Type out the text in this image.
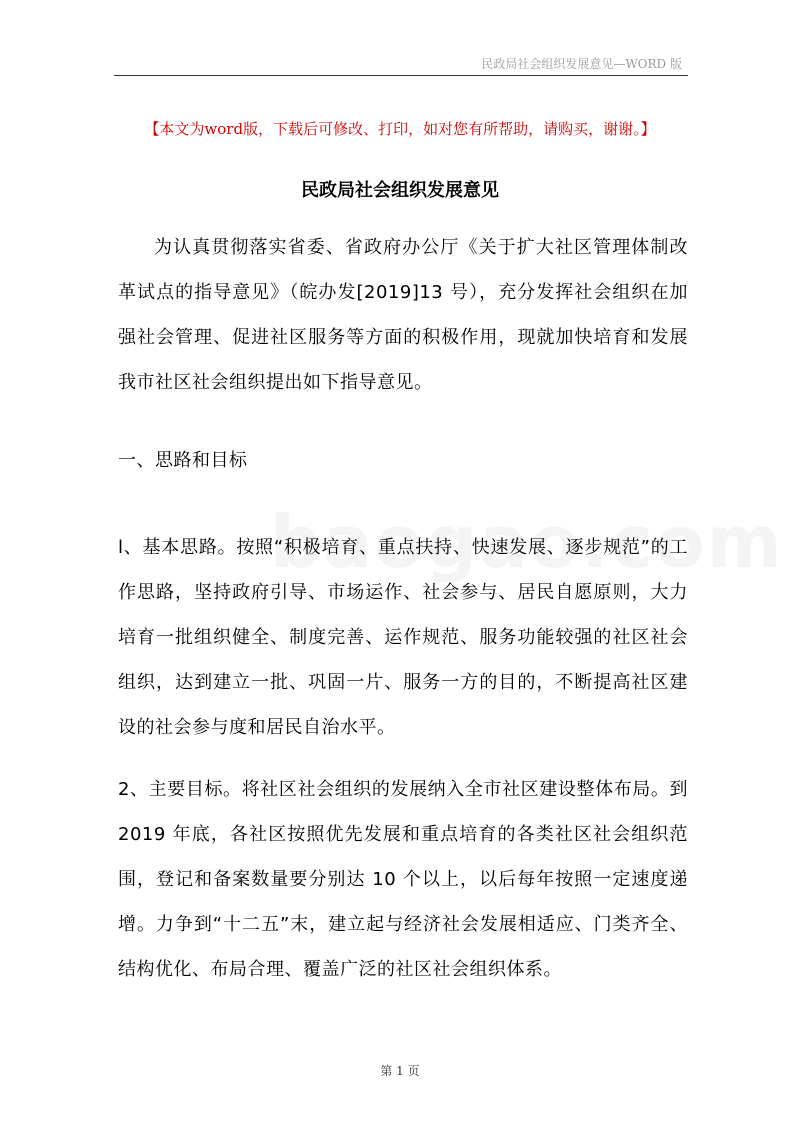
民政局社会组织发展意见—WORD 版
【本文为word版，下载后可修改、打印，如对您有所帮助，请购买，谢谢。】
民政局社会组织发展意见
为认真贯彻落实省委、省政府办公厅《关于扩大社区管理体制改革试点的指导意见》（皖办发[2019]13 号），充分发挥社会组织在加强社会管理、促进社区服务等方面的积极作用，现就加快培育和发展我市社区社会组织提出如下指导意见。
一、思路和目标
l、基本思路。按照“积极培育、重点扶持、快速发展、逐步规范”的工作思路，坚持政府引导、市场运作、社会参与、居民自愿原则，大力培育一批组织健全、制度完善、运作规范、服务功能较强的社区社会组织，达到建立一批、巩固一片、服务一方的目的，不断提高社区建设的社会参与度和居民自治水平。
2、主要目标。将社区社会组织的发展纳入全市社区建设整体布局。到 2019 年底，各社区按照优先发展和重点培育的各类社区社会组织范围，登记和备案数量要分别达 10 个以上，以后每年按照一定速度递增。力争到“十二五”末，建立起与经济社会发展相适应、门类齐全、结构优化、布局合理、覆盖广泛的社区社会组织体系。
第 1 页
